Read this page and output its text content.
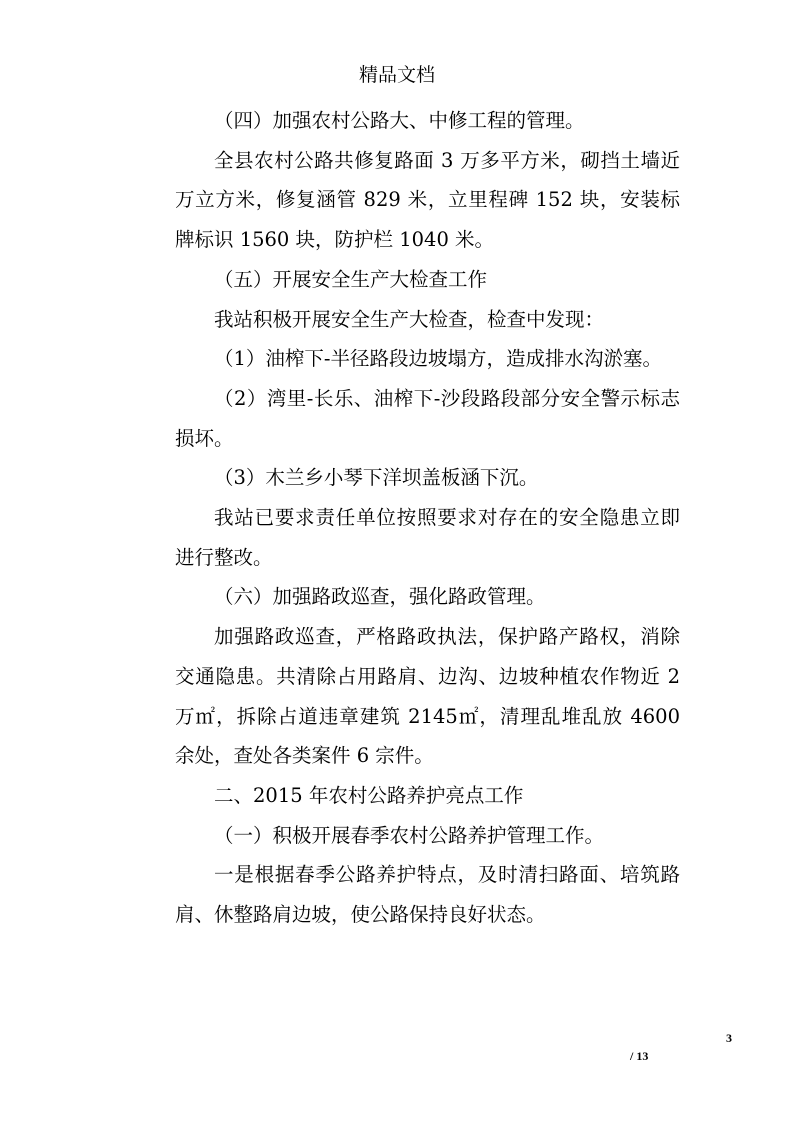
精品文档

（四）加强农村公路大、中修工程的管理。

全县农村公路共修复路面 3 万多平方米，砌挡土墙近万立方米，修复涵管 829 米，立里程碑 152 块，安装标牌标识 1560 块，防护栏 1040 米。

（五）开展安全生产大检查工作

我站积极开展安全生产大检查，检查中发现：

（1）油榨下-半径路段边坡塌方，造成排水沟淤塞。

（2）湾里-长乐、油榨下-沙段路段部分安全警示标志损坏。

（3）木兰乡小琴下洋坝盖板涵下沉。

我站已要求责任单位按照要求对存在的安全隐患立即进行整改。

（六）加强路政巡查，强化路政管理。

加强路政巡查，严格路政执法，保护路产路权，消除交通隐患。共清除占用路肩、边沟、边坡种植农作物近 2 万㎡，拆除占道违章建筑 2145㎡，清理乱堆乱放 4600 余处，查处各类案件 6 宗件。

二、2015 年农村公路养护亮点工作

（一）积极开展春季农村公路养护管理工作。

一是根据春季公路养护特点，及时清扫路面、培筑路肩、休整路肩边坡，使公路保持良好状态。

3
/ 13
